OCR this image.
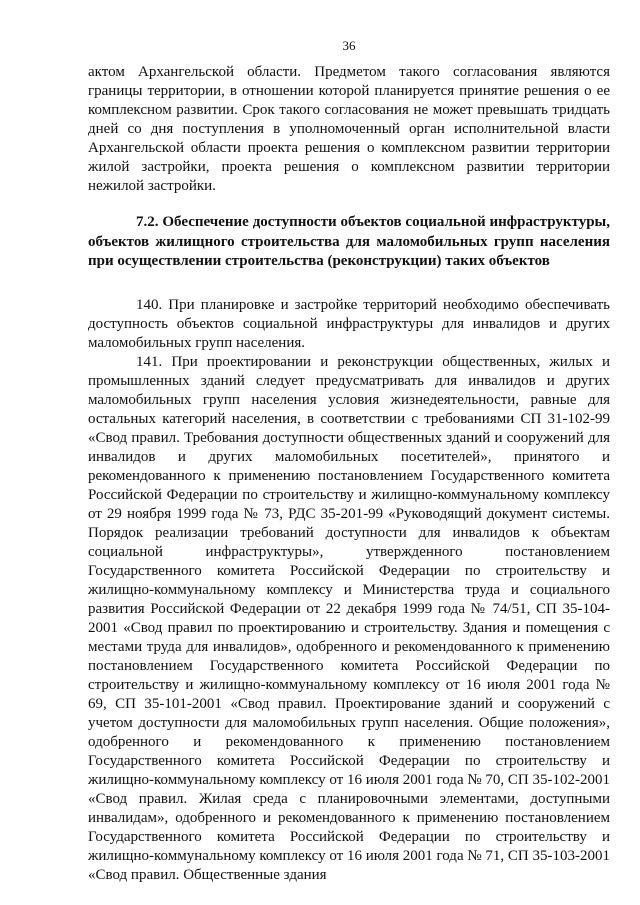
36
актом Архангельской области. Предметом такого согласования являются границы территории, в отношении которой планируется принятие решения о ее комплексном развитии. Срок такого согласования не может превышать тридцать дней со дня поступления в уполномоченный орган исполнительной власти Архангельской области проекта решения о комплексном развитии территории жилой застройки, проекта решения о комплексном развитии территории нежилой застройки.
7.2. Обеспечение доступности объектов социальной инфраструктуры, объектов жилищного строительства для маломобильных групп населения при осуществлении строительства (реконструкции) таких объектов
140. При планировке и застройке территорий необходимо обеспечивать доступность объектов социальной инфраструктуры для инвалидов и других маломобильных групп населения.
141. При проектировании и реконструкции общественных, жилых и промышленных зданий следует предусматривать для инвалидов и других маломобильных групп населения условия жизнедеятельности, равные для остальных категорий населения, в соответствии с требованиями СП 31-102-99 «Свод правил. Требования доступности общественных зданий и сооружений для инвалидов и других маломобильных посетителей», принятого и рекомендованного к применению постановлением Государственного комитета Российской Федерации по строительству и жилищно-коммунальному комплексу от 29 ноября 1999 года № 73, РДС 35-201-99 «Руководящий документ системы. Порядок реализации требований доступности для инвалидов к объектам социальной инфраструктуры», утвержденного постановлением Государственного комитета Российской Федерации по строительству и жилищно-коммунальному комплексу и Министерства труда и социального развития Российской Федерации от 22 декабря 1999 года № 74/51, СП 35-104-2001 «Свод правил по проектированию и строительству. Здания и помещения с местами труда для инвалидов», одобренного и рекомендованного к применению постановлением Государственного комитета Российской Федерации по строительству и жилищно-коммунальному комплексу от 16 июля 2001 года № 69, СП 35-101-2001 «Свод правил. Проектирование зданий и сооружений с учетом доступности для маломобильных групп населения. Общие положения», одобренного и рекомендованного к применению постановлением Государственного комитета Российской Федерации по строительству и жилищно-коммунальному комплексу от 16 июля 2001 года № 70, СП 35-102-2001 «Свод правил. Жилая среда с планировочными элементами, доступными инвалидам», одобренного и рекомендованного к применению постановлением Государственного комитета Российской Федерации по строительству и жилищно-коммунальному комплексу от 16 июля 2001 года № 71, СП 35-103-2001 «Свод правил. Общественные здания
